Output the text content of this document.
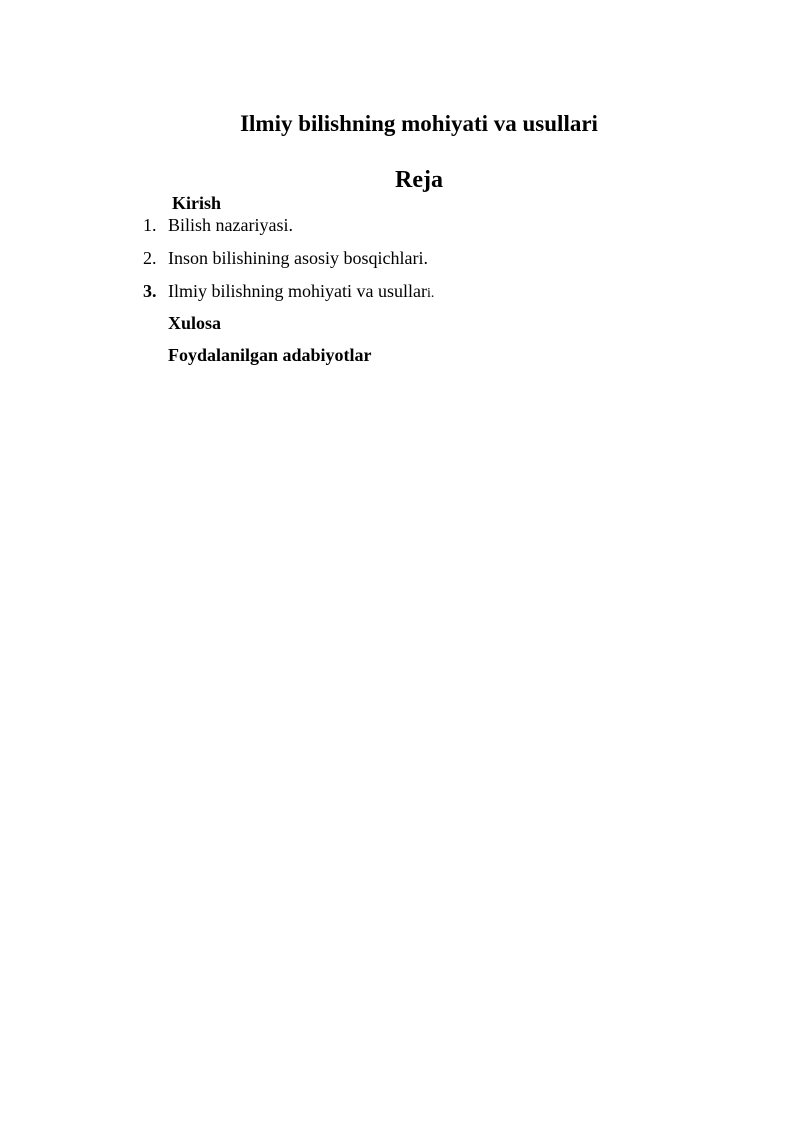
Ilmiy bilishning mohiyati va usullari
Reja
Kirish
1. Bilish nazariyasi.
2. Inson bilishining asosiy bosqichlari.
3. Ilmiy bilishning mohiyati va usullari.
Xulosa
Foydalanilgan adabiyotlar
